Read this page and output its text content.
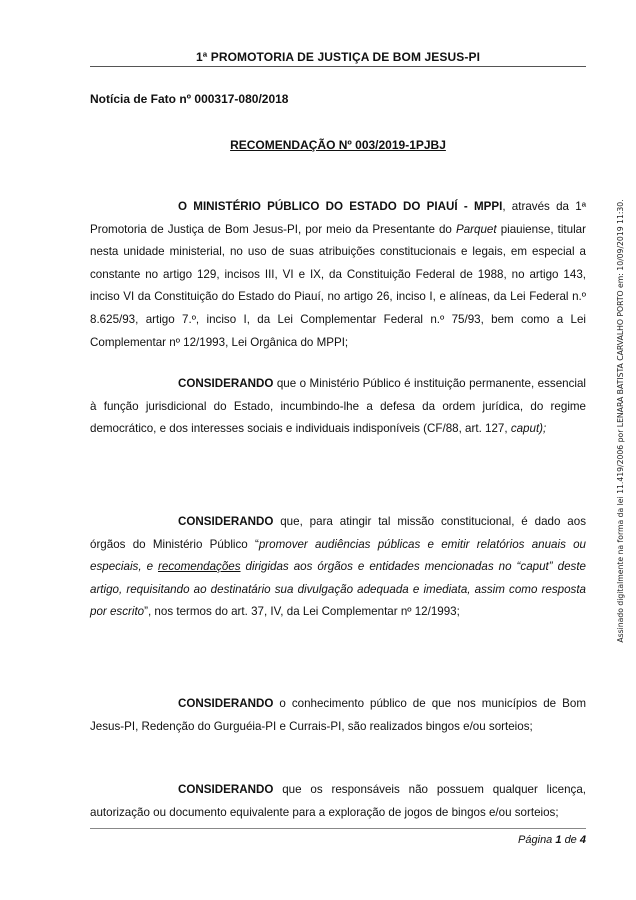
1ª PROMOTORIA DE JUSTIÇA DE BOM JESUS-PI
Notícia de Fato nº 000317-080/2018
RECOMENDAÇÃO Nº 003/2019-1PJBJ

O MINISTÉRIO PÚBLICO DO ESTADO DO PIAUÍ - MPPI, através da 1ª Promotoria de Justiça de Bom Jesus-PI, por meio da Presentante do Parquet piauiense, titular nesta unidade ministerial, no uso de suas atribuições constitucionais e legais, em especial a constante no artigo 129, incisos III, VI e IX, da Constituição Federal de 1988, no artigo 143, inciso VI da Constituição do Estado do Piauí, no artigo 26, inciso I, e alíneas, da Lei Federal n.º 8.625/93, artigo 7.º, inciso I, da Lei Complementar Federal n.º 75/93, bem como a Lei Complementar nº 12/1993, Lei Orgânica do MPPI;

CONSIDERANDO que o Ministério Público é instituição permanente, essencial à função jurisdicional do Estado, incumbindo-lhe a defesa da ordem jurídica, do regime democrático, e dos interesses sociais e individuais indisponíveis (CF/88, art. 127, caput);

CONSIDERANDO que, para atingir tal missão constitucional, é dado aos órgãos do Ministério Público “promover audiências públicas e emitir relatórios anuais ou especiais, e recomendações dirigidas aos órgãos e entidades mencionadas no “caput” deste artigo, requisitando ao destinatário sua divulgação adequada e imediata, assim como resposta por escrito”, nos termos do art. 37, IV, da Lei Complementar nº 12/1993;

CONSIDERANDO o conhecimento público de que nos municípios de Bom Jesus-PI, Redenção do Gurguéia-PI e Currais-PI, são realizados bingos e/ou sorteios;

CONSIDERANDO que os responsáveis não possuem qualquer licença, autorização ou documento equivalente para a exploração de jogos de bingos e/ou sorteios;

Página 1 de 4
Assinado digitalmente na forma da lei 11.419/2006 por LENARA BATISTA CARVALHO PORTO em: 10/09/2019 11:30.
